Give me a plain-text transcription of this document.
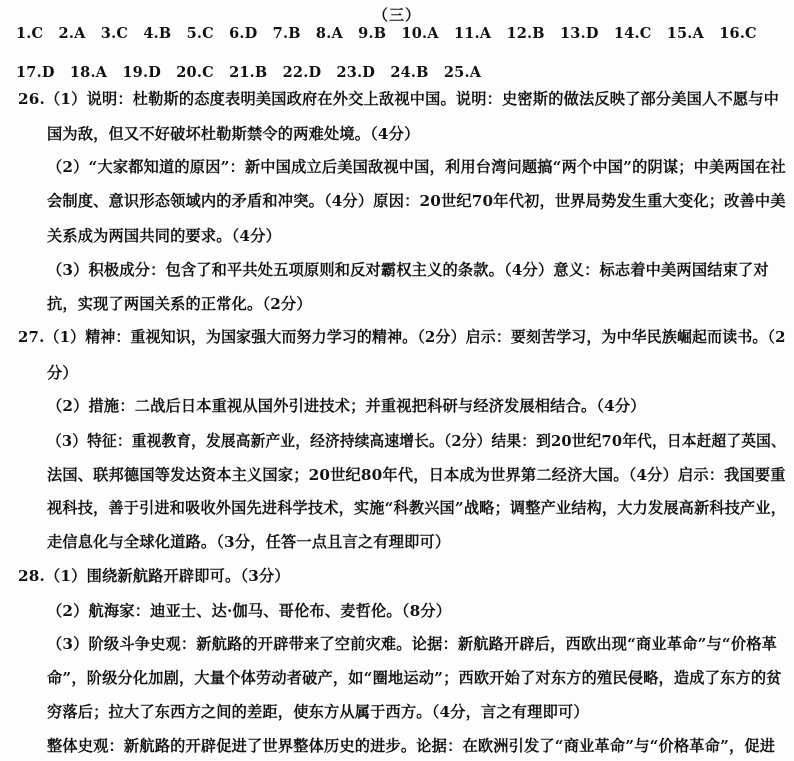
（三）
1.C 2.A 3.C 4.B 5.C 6.D 7.B 8.A 9.B 10.A 11.A 12.B 13.D 14.C 15.A 16.C
17.D 18.A 19.D 20.C 21.B 22.D 23.D 24.B 25.A
26.（1）说明：杜勒斯的态度表明美国政府在外交上敌视中国。说明：史密斯的做法反映了部分美国人不愿与中
国为敌，但又不好破坏杜勒斯禁令的两难处境。（4分）
（2）“大家都知道的原因”：新中国成立后美国敌视中国，利用台湾问题搞“两个中国”的阴谋；中美两国在社
会制度、意识形态领域内的矛盾和冲突。（4分）原因：20世纪70年代初，世界局势发生重大变化；改善中美
关系成为两国共同的要求。（4分）
（3）积极成分：包含了和平共处五项原则和反对霸权主义的条款。（4分）意义：标志着中美两国结束了对
抗，实现了两国关系的正常化。（2分）
27.（1）精神：重视知识，为国家强大而努力学习的精神。（2分）启示：要刻苦学习，为中华民族崛起而读书。（2
分）
（2）措施：二战后日本重视从国外引进技术；并重视把科研与经济发展相结合。（4分）
（3）特征：重视教育，发展高新产业，经济持续高速增长。（2分）结果：到20世纪70年代，日本赶超了英国、
法国、联邦德国等发达资本主义国家；20世纪80年代，日本成为世界第二经济大国。（4分）启示：我国要重
视科技，善于引进和吸收外国先进科学技术，实施“科教兴国”战略；调整产业结构，大力发展高新科技产业，
走信息化与全球化道路。（3分，任答一点且言之有理即可）
28.（1）围绕新航路开辟即可。（3分）
（2）航海家：迪亚士、达·伽马、哥伦布、麦哲伦。（8分）
（3）阶级斗争史观：新航路的开辟带来了空前灾难。论据：新航路开辟后，西欧出现“商业革命”与“价格革
命”，阶级分化加剧，大量个体劳动者破产，如“圈地运动”；西欧开始了对东方的殖民侵略，造成了东方的贫
穷落后；拉大了东西方之间的差距，使东方从属于西方。（4分，言之有理即可）
整体史观：新航路的开辟促进了世界整体历史的进步。论据：在欧洲引发了“商业革命”与“价格革命”，促进
